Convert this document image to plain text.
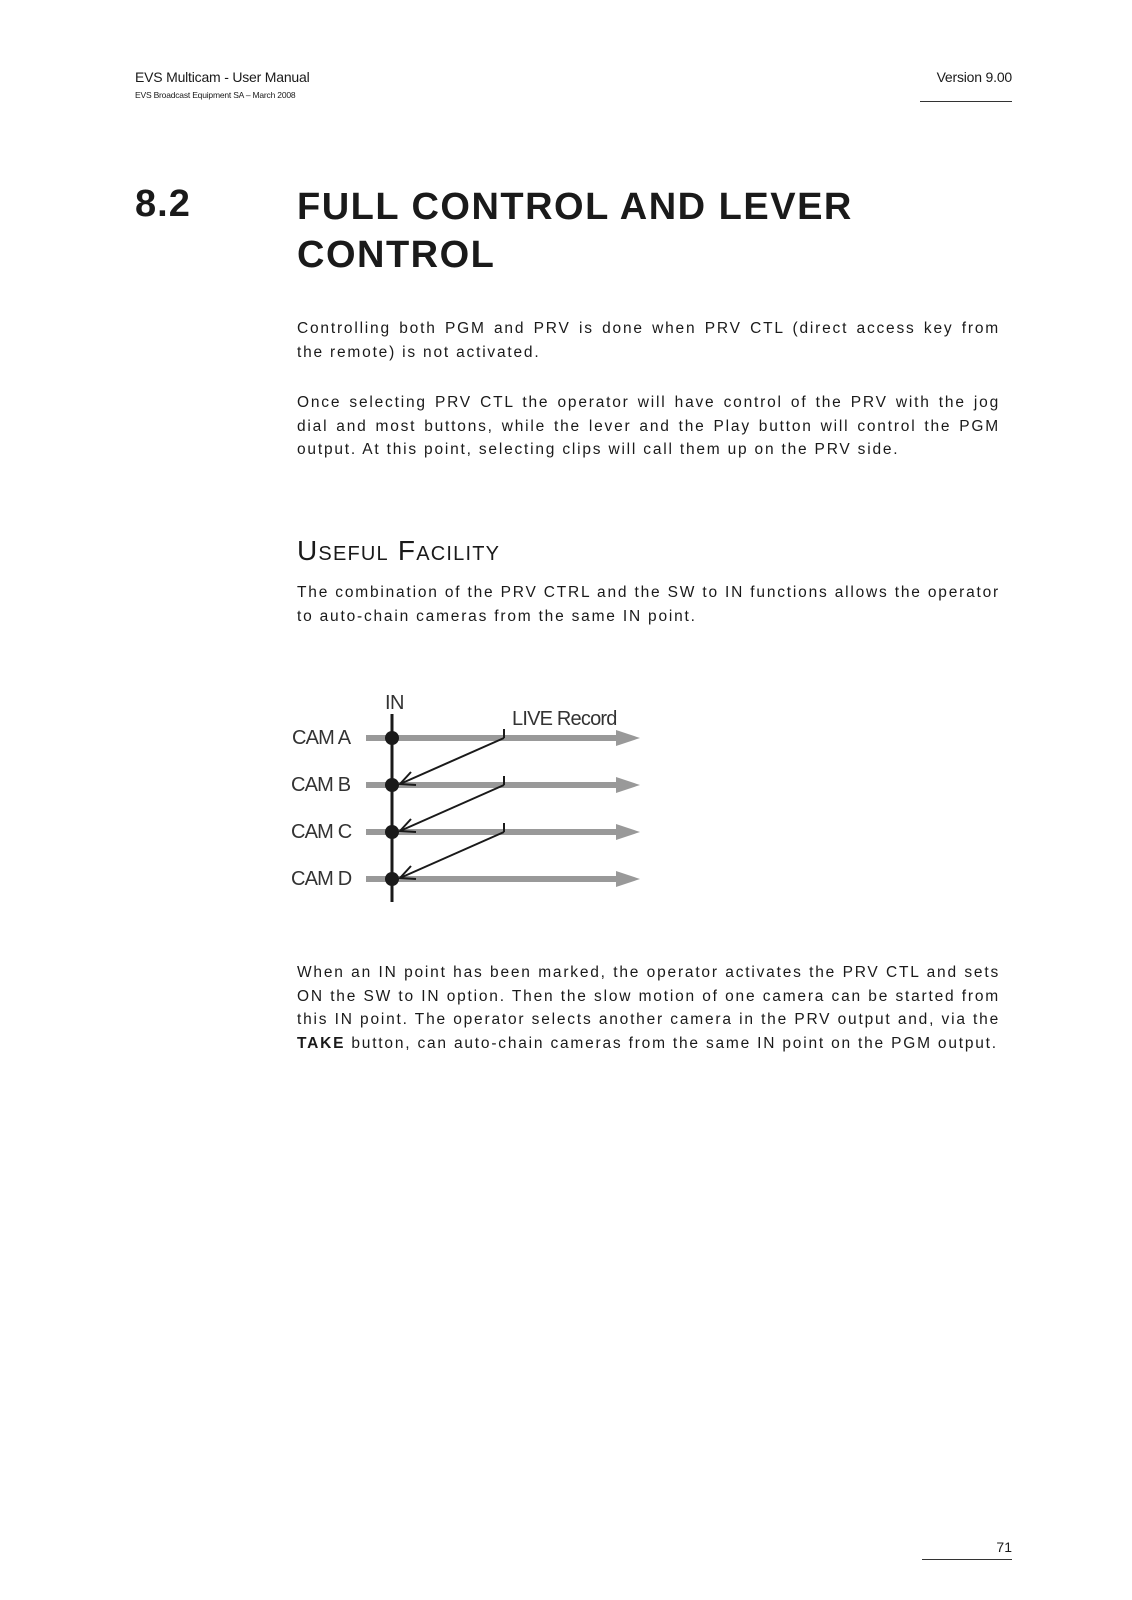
EVS Multicam - User Manual
EVS Broadcast Equipment SA – March 2008
Version 9.00
8.2	FULL CONTROL AND LEVER CONTROL

Controlling both PGM and PRV is done when PRV CTL (direct access key from the remote) is not activated.

Once selecting PRV CTL the operator will have control of the PRV with the jog dial and most buttons, while the lever and the Play button will control the PGM output. At this point, selecting clips will call them up on the PRV side.

USEFUL FACILITY

The combination of the PRV CTRL and the SW to IN functions allows the operator to auto-chain cameras from the same IN point.

IN
LIVE Record
CAM A
CAM B
CAM C
CAM D

When an IN point has been marked, the operator activates the PRV CTL and sets ON the SW to IN option. Then the slow motion of one camera can be started from this IN point. The operator selects another camera in the PRV output and, via the TAKE button, can auto-chain cameras from the same IN point on the PGM output.

71
